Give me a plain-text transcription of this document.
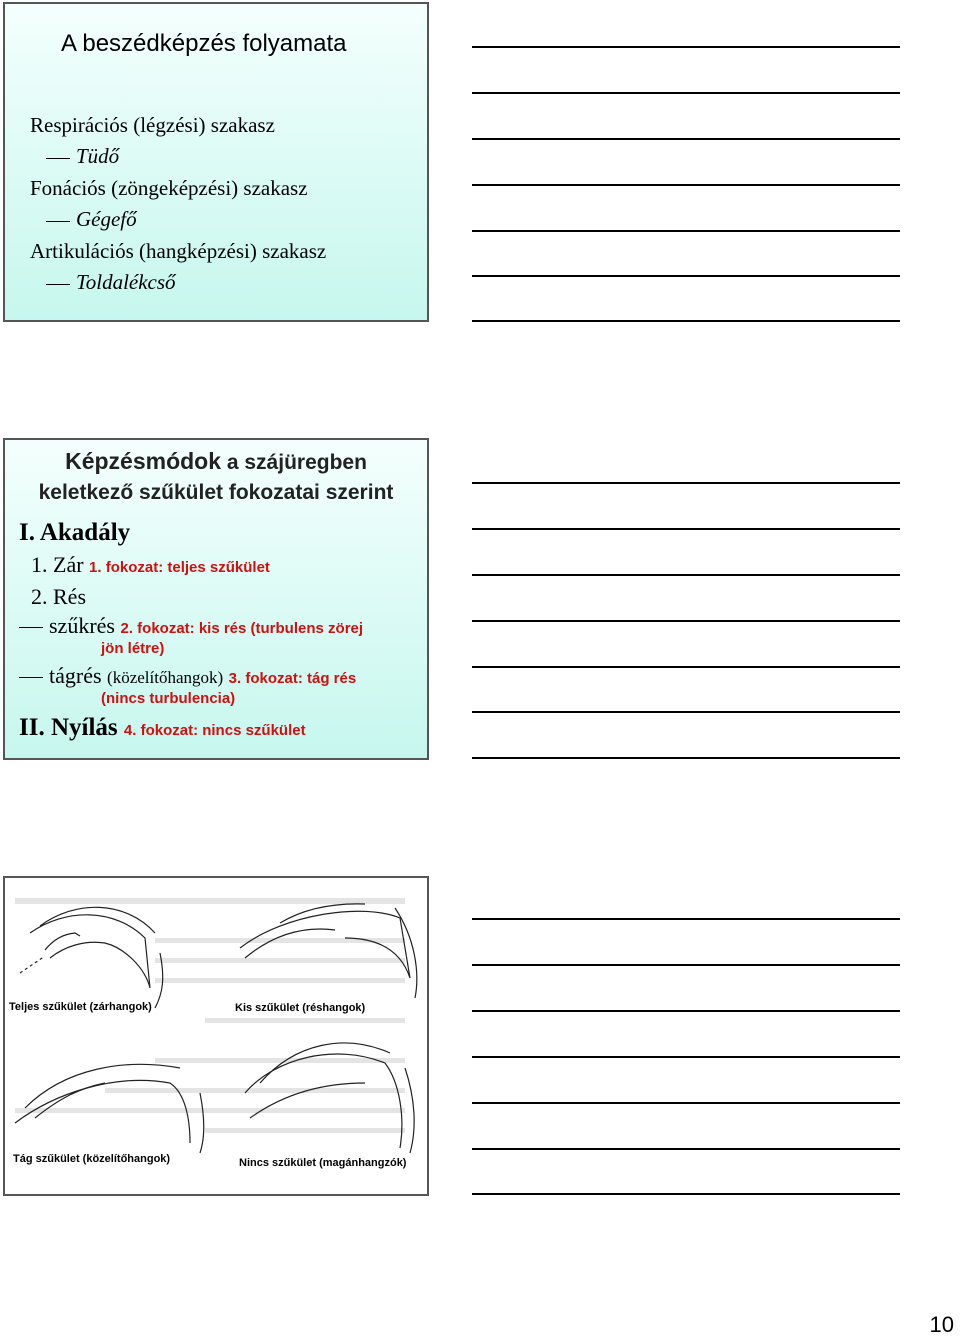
A beszédképzés folyamata
Respirációs (légzési) szakasz
Tüdő
Fonációs (zöngeképzési) szakasz
Gégefő
Artikulációs (hangképzési) szakasz
Toldalékcső
Képzésmódok a szájüregben
keletkező szűkület fokozatai szerint
I. Akadály
1. Zár 1. fokozat: teljes szűkület
2. Rés
szűkrés 2. fokozat: kis rés (turbulens zörej
jön létre)
tágrés (közelítőhangok) 3. fokozat: tág rés
(nincs turbulencia)
II. Nyílás 4. fokozat: nincs szűkület
Teljes szűkület (zárhangok)	Kis szűkület (réshangok)
Tág szűkület (közelítőhangok)	Nincs szűkület (magánhangzók)
10
